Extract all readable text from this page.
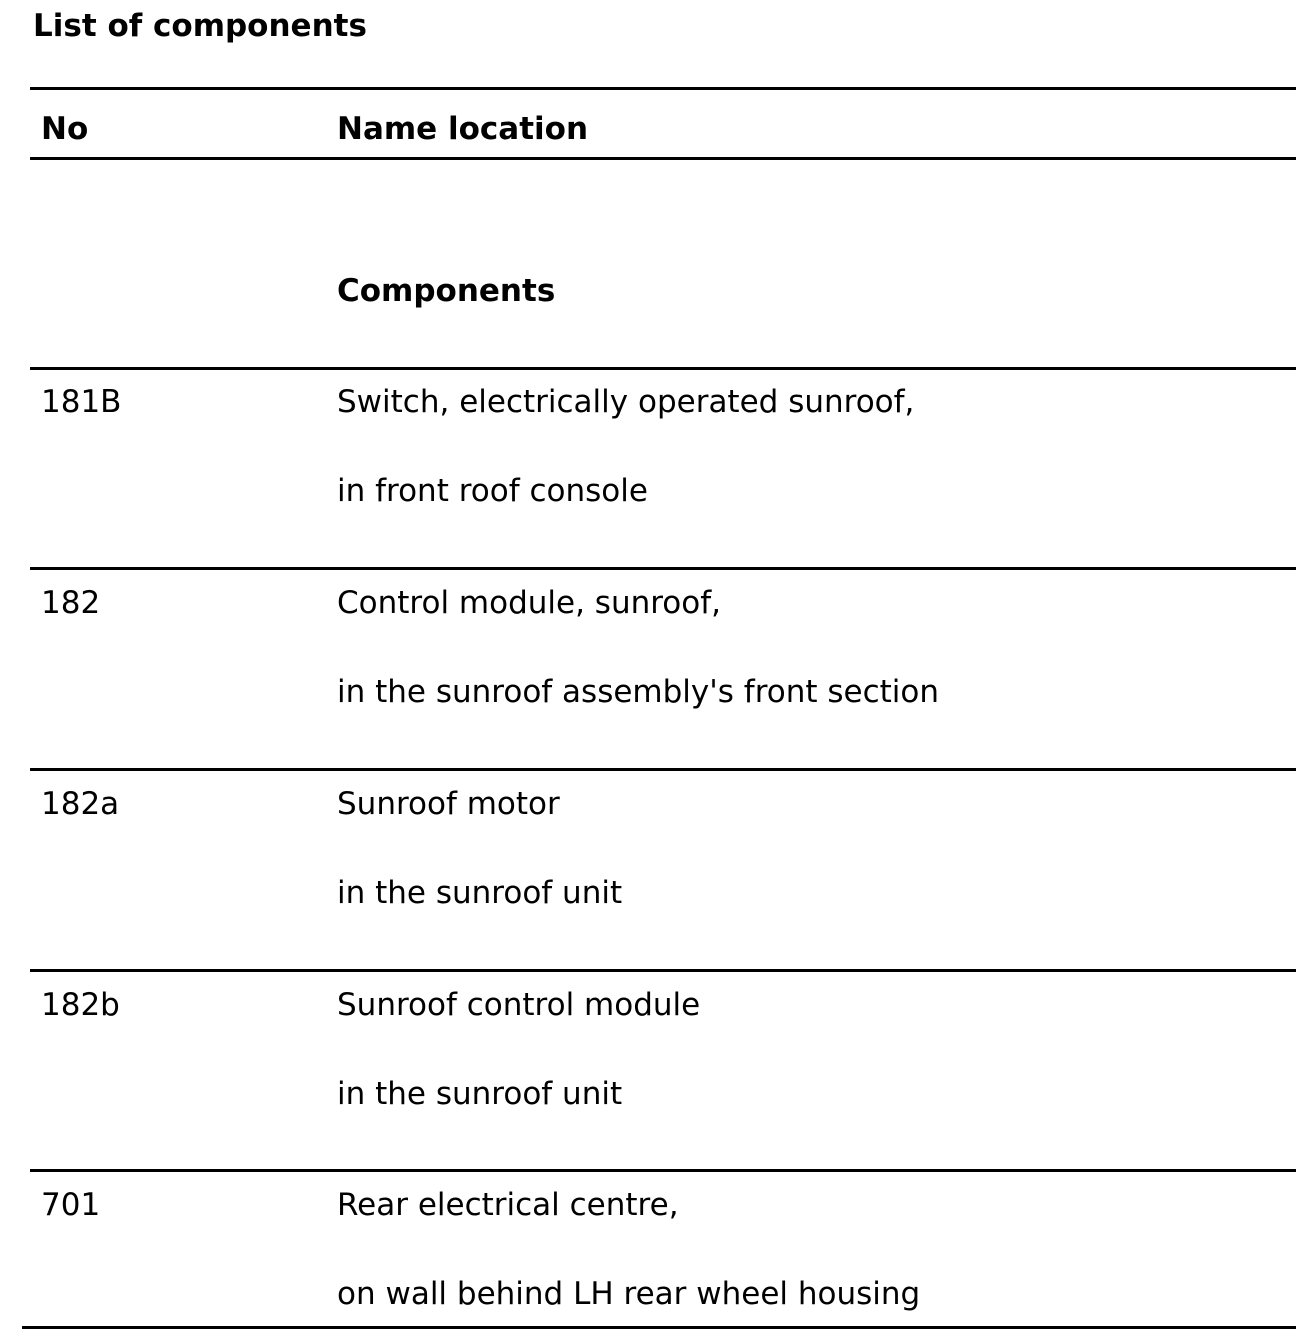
List of components
No	Name location
Components
181B	Switch, electrically operated sunroof,
in front roof console
182	Control module, sunroof,
in the sunroof assembly's front section
182a	Sunroof motor
in the sunroof unit
182b	Sunroof control module
in the sunroof unit
701	Rear electrical centre,
on wall behind LH rear wheel housing
